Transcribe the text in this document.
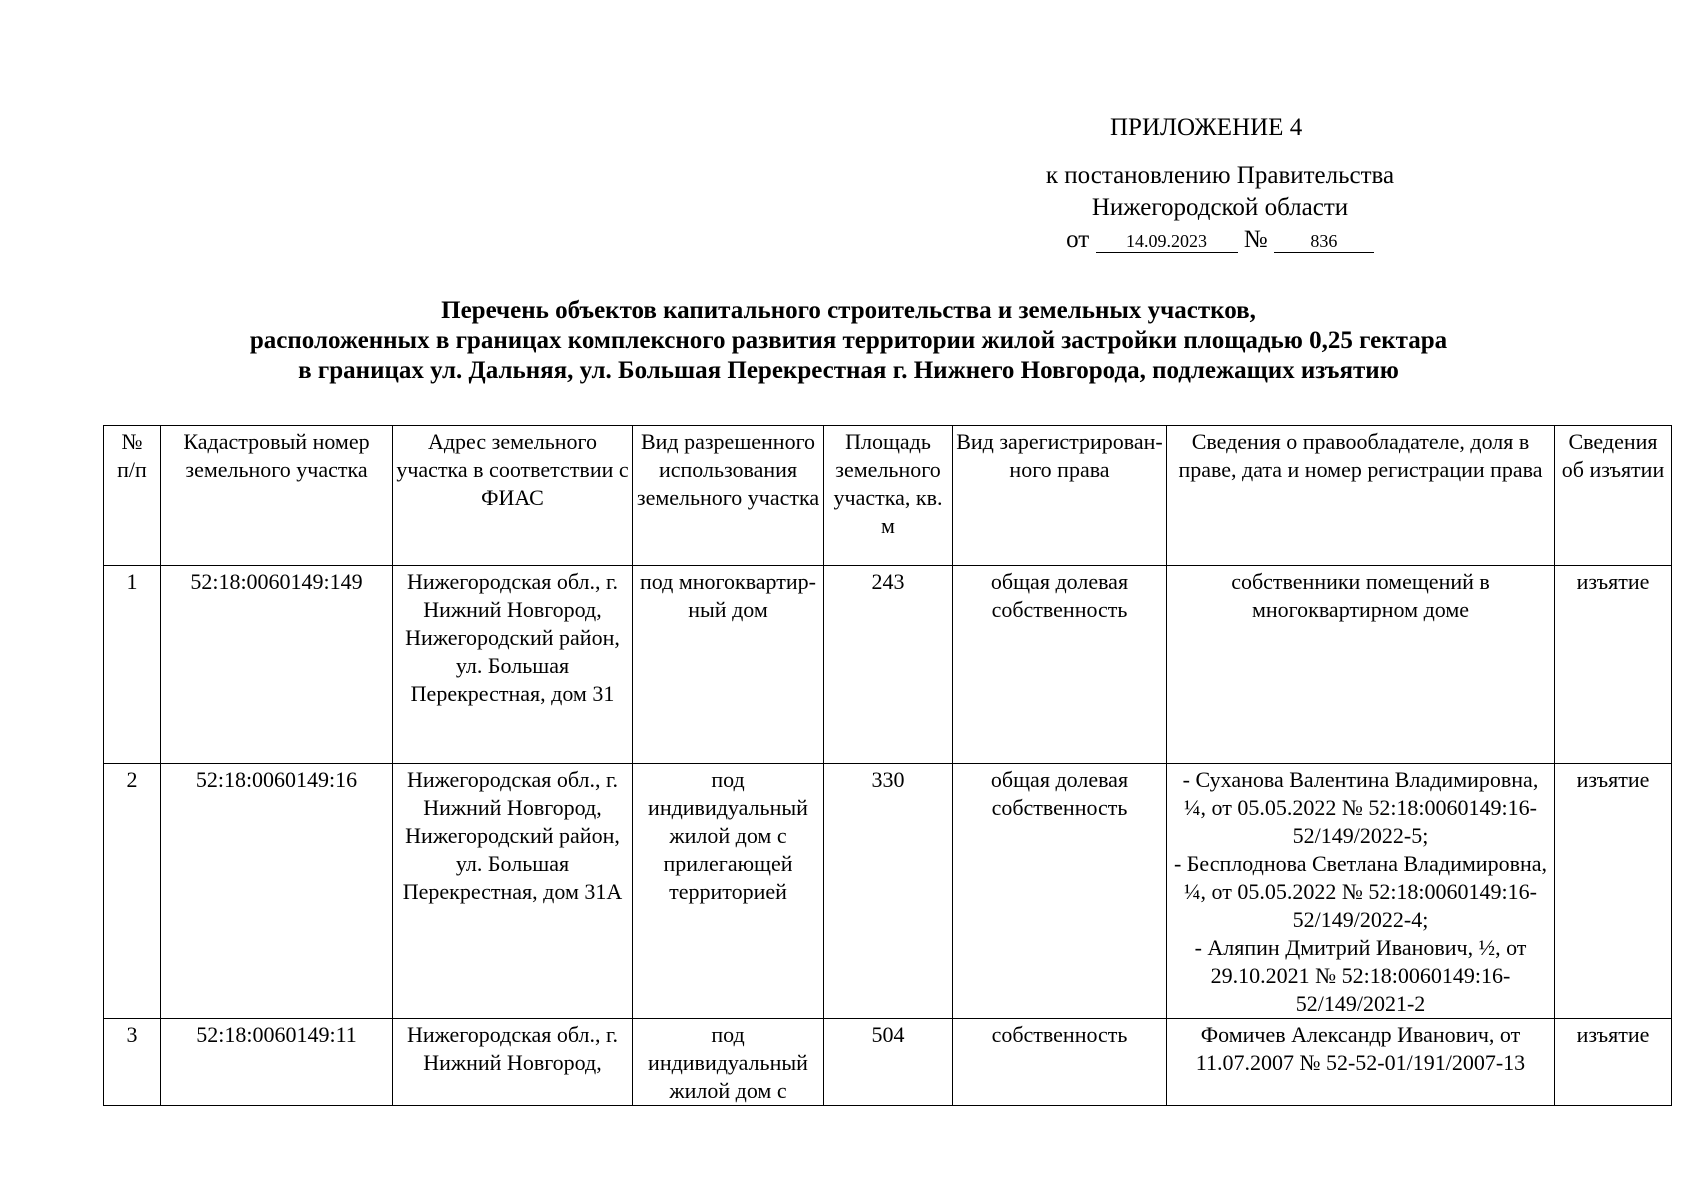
ПРИЛОЖЕНИЕ 4
к постановлению Правительства
Нижегородской области
от 14.09.2023 № 836
Перечень объектов капитального строительства и земельных участков,
расположенных в границах комплексного развития территории жилой застройки площадью 0,25 гектара
в границах ул. Дальняя, ул. Большая Перекрестная г. Нижнего Новгорода, подлежащих изъятию
№
п/п	Кадастровый номер земельного участка	Адрес земельного участка в соответствии с ФИАС	Вид разрешенного использования земельного участка	Площадь земельного участка, кв. м	Вид зарегистрирован-ного права	Сведения о правообладателе, доля в праве, дата и номер регистрации права	Сведения об изъятии
1	52:18:0060149:149	Нижегородская обл., г. Нижний Новгород, Нижегородский район, ул. Большая Перекрестная, дом 31	под многоквартир-ный дом	243	общая долевая собственность	собственники помещений в многоквартирном доме	изъятие
2	52:18:0060149:16	Нижегородская обл., г. Нижний Новгород, Нижегородский район, ул. Большая Перекрестная, дом 31А	под индивидуальный жилой дом с прилегающей территорией	330	общая долевая собственность	- Суханова Валентина Владимировна, ¼, от 05.05.2022 № 52:18:0060149:16-52/149/2022-5;
- Бесплоднова Светлана Владимировна, ¼, от 05.05.2022 № 52:18:0060149:16-52/149/2022-4;
- Аляпин Дмитрий Иванович, ½, от 29.10.2021 № 52:18:0060149:16-52/149/2021-2	изъятие
3	52:18:0060149:11	Нижегородская обл., г. Нижний Новгород,	под индивидуальный жилой дом с	504	собственность	Фомичев Александр Иванович, от 11.07.2007 № 52-52-01/191/2007-13	изъятие
